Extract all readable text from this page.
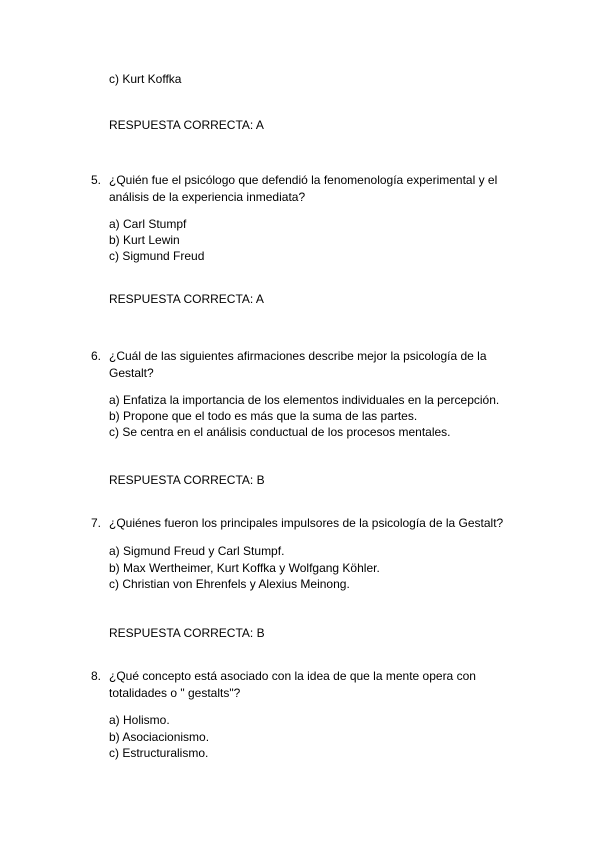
c) Kurt Koffka
RESPUESTA CORRECTA: A
5. ¿Quién fue el psicólogo que defendió la fenomenología experimental y el análisis de la experiencia inmediata?
a) Carl Stumpf
b) Kurt Lewin
c) Sigmund Freud
RESPUESTA CORRECTA: A
6. ¿Cuál de las siguientes afirmaciones describe mejor la psicología de la Gestalt?
a) Enfatiza la importancia de los elementos individuales en la percepción.
b) Propone que el todo es más que la suma de las partes.
c) Se centra en el análisis conductual de los procesos mentales.
RESPUESTA CORRECTA: B
7. ¿Quiénes fueron los principales impulsores de la psicología de la Gestalt?
a) Sigmund Freud y Carl Stumpf.
b) Max Wertheimer, Kurt Koffka y Wolfgang Köhler.
c) Christian von Ehrenfels y Alexius Meinong.
RESPUESTA CORRECTA: B
8. ¿Qué concepto está asociado con la idea de que la mente opera con totalidades o " gestalts"?
a) Holismo.
b) Asociacionismo.
c) Estructuralismo.
